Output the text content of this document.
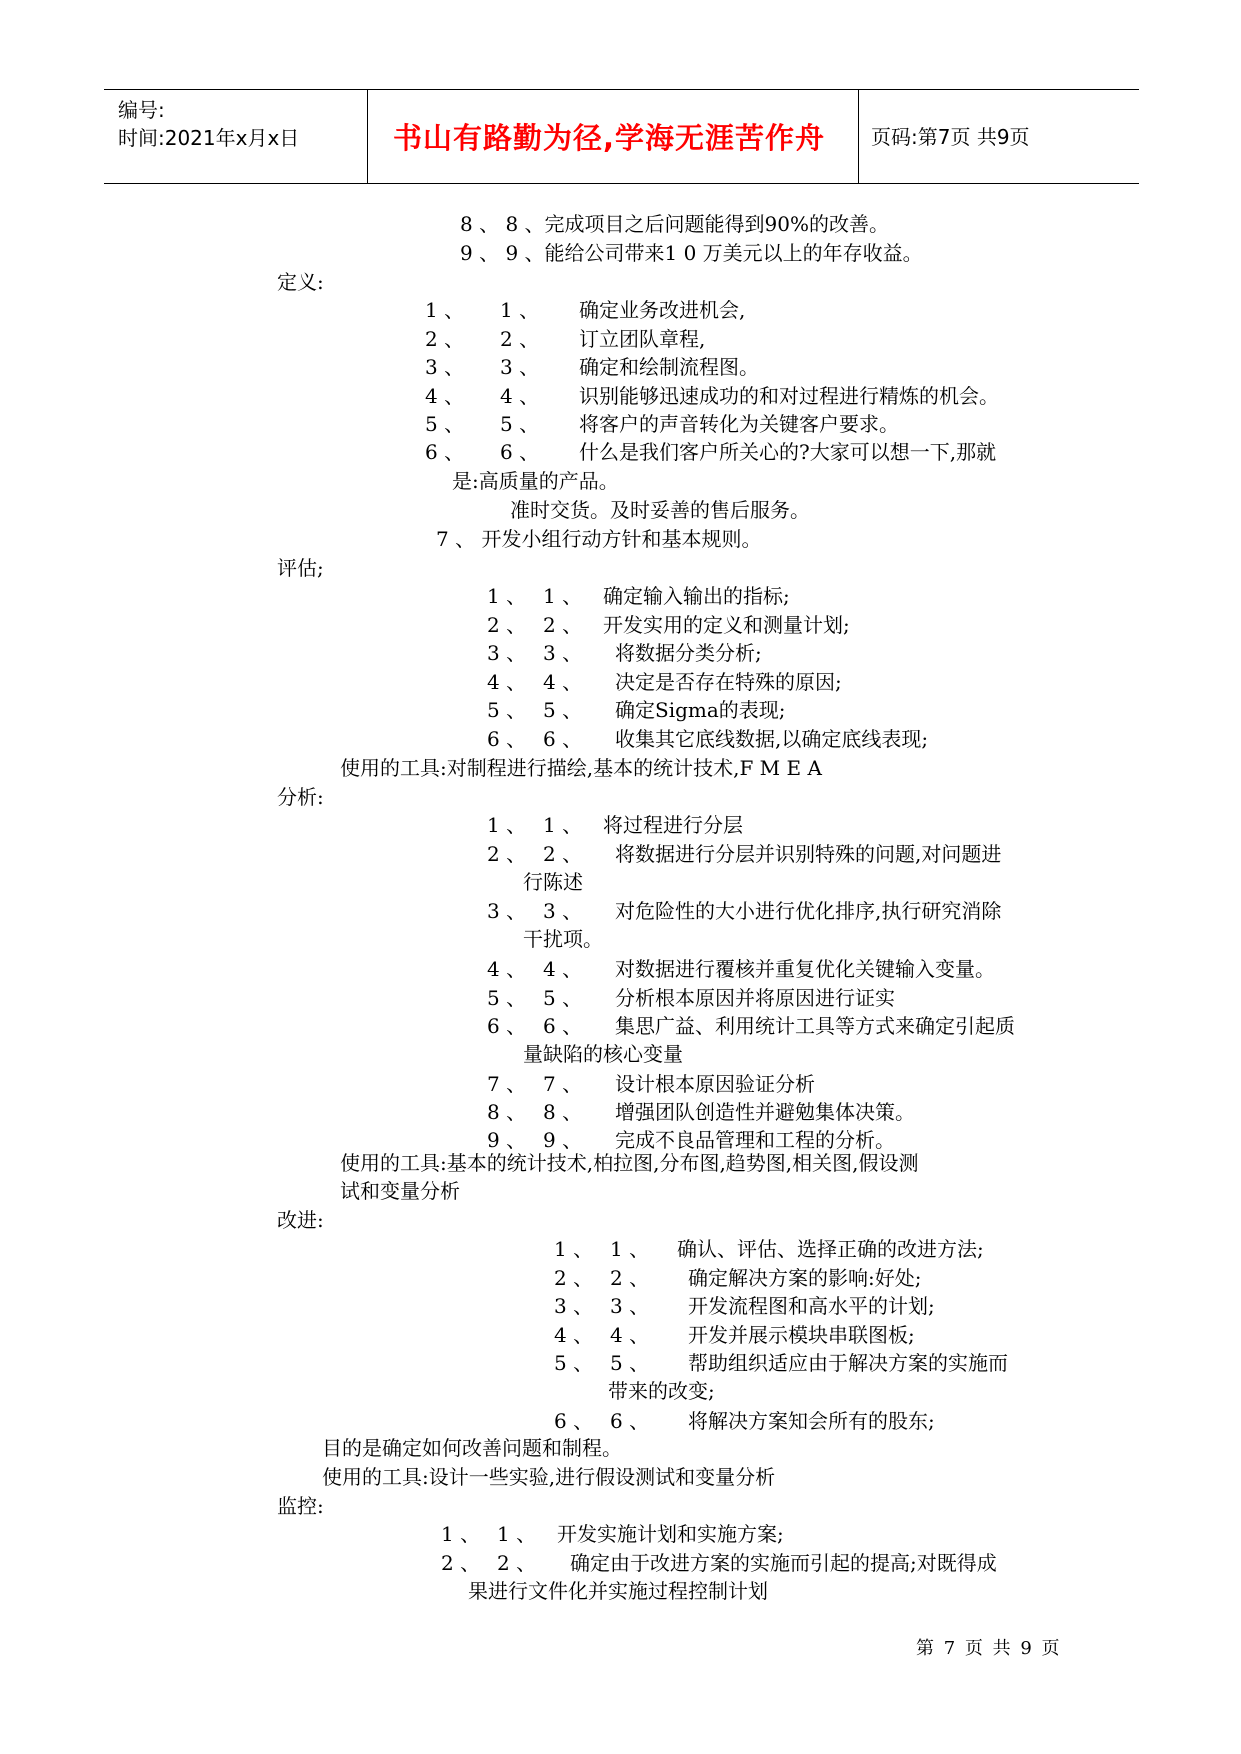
编号:
时间:2021年x月x日	书山有路勤为径,学海无涯苦作舟	页码:第7页 共9页
8 、 8 、完成项目之后问题能得到90%的改善。
9 、 9 、能给公司带来1 0 万美元以上的年存收益。
定义:
1 、 1 、 确定业务改进机会,
2 、 2 、 订立团队章程,
3 、 3 、 确定和绘制流程图。
4 、 4 、 识别能够迅速成功的和对过程进行精炼的机会。
5 、 5 、 将客户的声音转化为关键客户要求。
6 、 6 、 什么是我们客户所关心的?大家可以想一下,那就
是:高质量的产品。
准时交货。及时妥善的售后服务。
7 、 开发小组行动方针和基本规则。
评估;
1 、 1 、 确定输入输出的指标;
2 、 2 、 开发实用的定义和测量计划;
3 、 3 、 将数据分类分析;
4 、 4 、 决定是否存在特殊的原因;
5 、 5 、 确定Sigma的表现;
6 、 6 、 收集其它底线数据,以确定底线表现;
使用的工具:对制程进行描绘,基本的统计技术,F M E A
分析:
1 、 1 、 将过程进行分层
2 、 2 、 将数据进行分层并识别特殊的问题,对问题进
行陈述
3 、 3 、 对危险性的大小进行优化排序,执行研究消除
干扰项。
4 、 4 、 对数据进行覆核并重复优化关键输入变量。
5 、 5 、 分析根本原因并将原因进行证实
6 、 6 、 集思广益、利用统计工具等方式来确定引起质
量缺陷的核心变量
7 、 7 、 设计根本原因验证分析
8 、 8 、 增强团队创造性并避勉集体决策。
9 、 9 、 完成不良品管理和工程的分析。
使用的工具:基本的统计技术,柏拉图,分布图,趋势图,相关图,假设测
试和变量分析
改进:
1 、 1 、 确认、评估、选择正确的改进方法;
2 、 2 、 确定解决方案的影响:好处;
3 、 3 、 开发流程图和高水平的计划;
4 、 4 、 开发并展示模块串联图板;
5 、 5 、 帮助组织适应由于解决方案的实施而
带来的改变;
6 、 6 、 将解决方案知会所有的股东;
目的是确定如何改善问题和制程。
使用的工具:设计一些实验,进行假设测试和变量分析
监控:
1 、 1 、 开发实施计划和实施方案;
2 、 2 、 确定由于改进方案的实施而引起的提高;对既得成
果进行文件化并实施过程控制计划
第 7 页 共 9 页
